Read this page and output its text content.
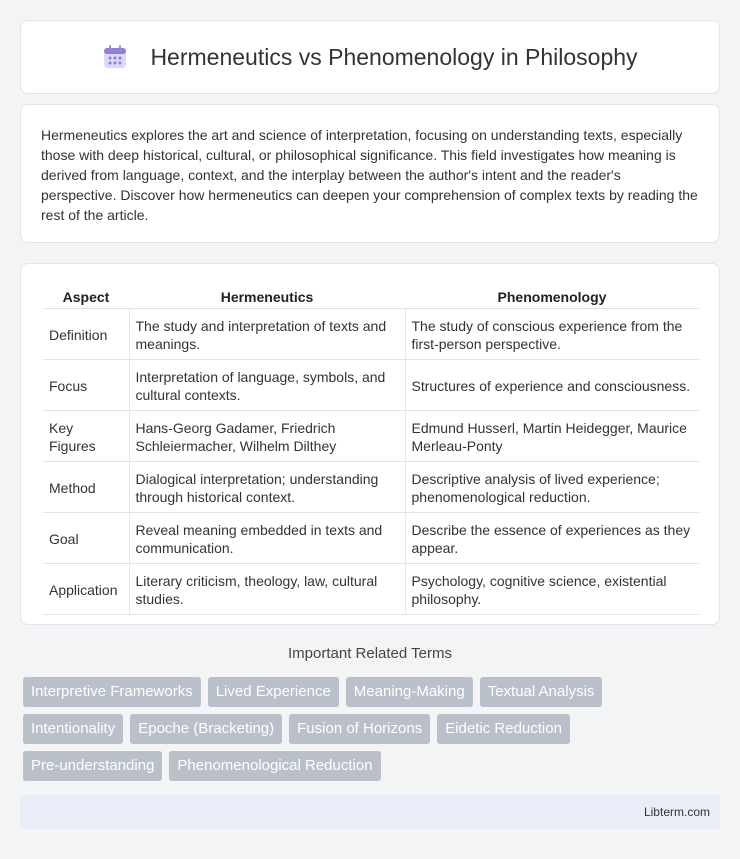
Hermeneutics vs Phenomenology in Philosophy

Hermeneutics explores the art and science of interpretation, focusing on understanding texts, especially those with deep historical, cultural, or philosophical significance. This field investigates how meaning is derived from language, context, and the interplay between the author's intent and the reader's perspective. Discover how hermeneutics can deepen your comprehension of complex texts by reading the rest of the article.

Aspect	Hermeneutics	Phenomenology
Definition	The study and interpretation of texts and meanings.	The study of conscious experience from the first-person perspective.
Focus	Interpretation of language, symbols, and cultural contexts.	Structures of experience and consciousness.
Key Figures	Hans-Georg Gadamer, Friedrich Schleiermacher, Wilhelm Dilthey	Edmund Husserl, Martin Heidegger, Maurice Merleau-Ponty
Method	Dialogical interpretation; understanding through historical context.	Descriptive analysis of lived experience; phenomenological reduction.
Goal	Reveal meaning embedded in texts and communication.	Describe the essence of experiences as they appear.
Application	Literary criticism, theology, law, cultural studies.	Psychology, cognitive science, existential philosophy.
Important Related Terms
Interpretive Frameworks	Lived Experience	Meaning-Making	Textual Analysis
Intentionality	Epoche (Bracketing)	Fusion of Horizons	Eidetic Reduction
Pre-understanding	Phenomenological Reduction
Libterm.com
